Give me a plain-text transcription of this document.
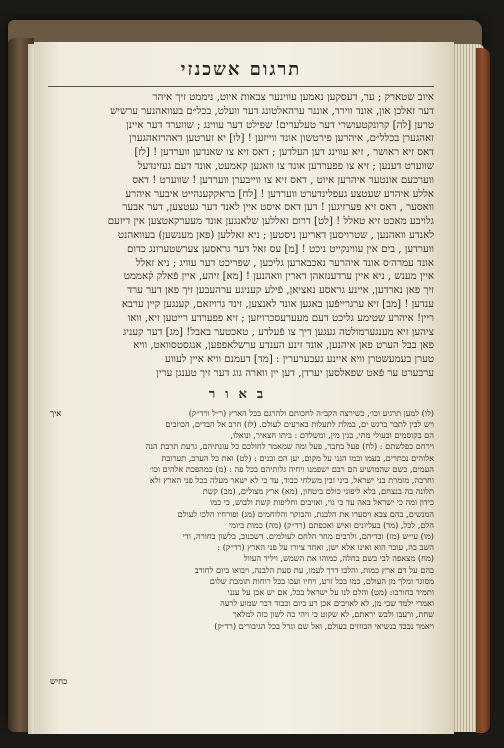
תרגום אשכנזי

איוב שטארק ; ער, דעסקען נאמען עווינער צבאות איוט, ניממט זיך איהר

דער זאלכן און, אונד ווירד, אוננר ערהאלטונג דער וועלט, בכל״ם בעוואהנער ערשיש

טרען [לה] קרונקטעושרי דער טעלערים! שפילט דער עווינג ; שווערד דער איינן

זאהגערן בכלל״ם, איהרען פירטשון אונד ווייזען ! [לו] יא זערטען דאהרזאהגערן

דאס זיא ראושר , זיא עווינג דען העלדען ; דאס זיא צו שאנדען ווערדען ! [לז]

שווערט דענען ; זיא צו פפערדען אונד צו וואגען קאמעט, אונד דעם געזינדעל

ווערכעם אונטער איהרען איוט , דאס זיא צו ווייבערן ווערדען ! שווערט ! דאס

אללע איהרע שעטצע געפלינדערט ווערדען ! [לח] בראקקענהייט איבער איהרע

וואסער , דאס זיא פערזיגען ! דען דאס איסט איין לאנד דער געטצען, דער אבער

גלויבע מאכט זיא טאלל ! [לט] דרום זאללען שלאנגען אונד מעערקאטצען אין דיזעם

לאנדע וואהנען , שטרויסען דאריען ניסטען ; ניא זאללען (פאן מענשען) בעוואהנט

ווערדען , בים אין עווינקייט ניכט ! [מ] עס זאל דער גראסען צערשטערונג כדום

אונד עמרה׳ס אונד איהרער נאכבארען גליכען , שפריכט דער עוויג ; ניא זאלל

איין מענש , ניא איין ערדענזאהן דארין וואהנען ! [מא] זיהע, איין פֿאלק קֿאממט

זיך פאן נארדען, איינע גראסע נאציאן, פֿילע קעניגע ערהעבען זיך פאן דער ערד

ענדען ! [מב] זיא ערגרייפֿען באגען אונד לאנצען, זינד גרויזאם, קענגען קיין ערבא

ריין! איהרע שטימע גליכט דעם מעערעסכרויזען ; זיא פפערדע רייטען זיא, וואו

ציהען זיא מענגערמולטה געגען דיך צו פֿעלדע , טאכטער באבל! [מג] דער קעניג

פאן בבל הערט פאן איהנען, אונד זינע הענדע ערשלאפפען, אנגסטסוואט, וויא

טערן בעמעשטרן וויא איינע געבערערין : [מד] דעמנם וויא איין לעווע

ערבערט ער פֿאט שפאלסען יערדן, דען יין ווארה גוג דער זיך טענגן ערין

באור

(לו) למען תרגיע וכו׳, כשירצה הקב״ה לחכותם ולהרגם בכל הארץ (ר״ל ורד״ק)

ויש לבין לתבר ברגש ים, במלת לתעלות בארעים לעולם. (לז) חרב אל הבדים, הכוזבים

הם בקוסמים ובעולי מתי, בנין מין, ומשלדם : ביתו חצאיר, ונואלו,

וירחם כפלשתם : (לח) פעל בחבר, פעל ומה שמאמר לחולכם כל עונתיהם, גרעת תרבת הנה

אלוהים נכתרים, בעמו ובמו הנני על מקום, יען הם ובנים : (לט) ואת כל הערב, תערובת

העמים, כשם שהמושיע הם רבם ישפמנו ויחיה גלותיהם בכל פה : (מ) כמהפכת אלהים וכו׳

וחרבה, מזמרת בני ישראל, ביני ובין משלחי כבוד, עד כי לא ישאר מעלה בכל פני הארץ ולא

תלונה בה בנצחם, בלא ליפוני כולם ביטחון, (מא) ארץ מצולים, (מב) קשת

כידון ומה כי ישראל באה עד כי גוי, ואויבים וחליפות קשת ולבוש, כי כמו

המנשים, בהם צבא ויסערו את הלבנת, והבוקר והלוחמים (מג) ופורחיו הלכו לעולם

הלם, לכל, (מד) בעליונים ואיש ואכפתם (רד״ק) (מה) כמות ביומי

(מו) עי״ש (מז) ובדיהם, ולרבים מחר הלחם לעולמים. דשכנוב, בלשון בחורה, ודי

השב בה, עובר הוא ואינו אלא ישן, ואחד ציורו על פני הארץ (רד״ק) :

(מח) מצאפה לבי בשם בחלה, כמוהו את השמש, ויליד העוול

בהם על דם ארץ כמות, והלכו דרך לעמו, עת סעת הלבנה, ויבואו ביום לחורב

מסוגר ומלך מן העולם, כמו בכל זרע, ויחיו ועכו בכל רוחות תומבת שלום

ותמיד בחורבו: (מט) והלם לנו על ישראל בכל, אם יש אכן על ענני

ואמרי ילמד שבי מן, לא לאויבים אכן רע ביום וכבוד דבר שמוע לרעה

שחת, ורעבו ולבש יראתם, לא שקוט כי ויהי כה לשון כזה למלאך

ויאמר נכבד בנשיאי הבוזזים בעולם, ואל שם וגדל בכל הגיבורים (רד״ק)

איך
כחיש
